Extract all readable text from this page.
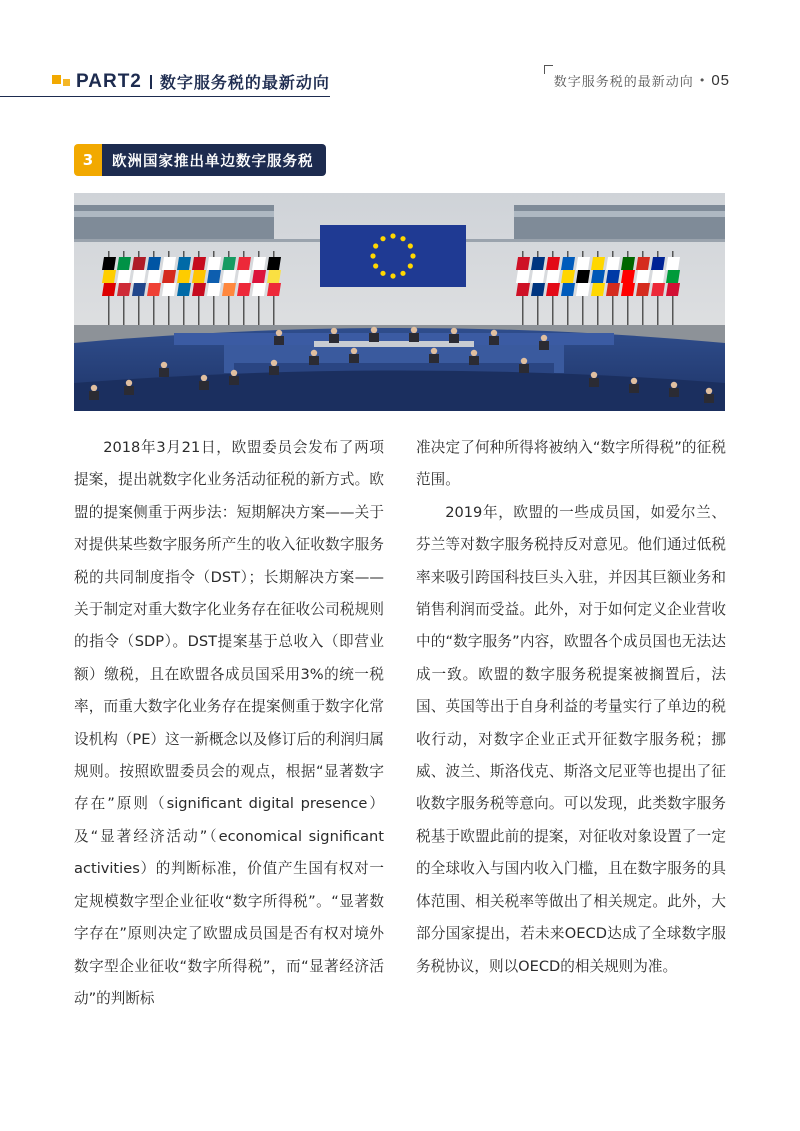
PART2 数字服务税的最新动向	数字服务税的最新动向 • 05
3	欧洲国家推出单边数字服务税

2018年3月21日，欧盟委员会发布了两项提案，提出就数字化业务活动征税的新方式。欧盟的提案侧重于两步法：短期解决方案——关于对提供某些数字服务所产生的收入征收数字服务税的共同制度指令（DST）；长期解决方案——关于制定对重大数字化业务存在征收公司税规则的指令（SDP）。DST提案基于总收入（即营业额）缴税，且在欧盟各成员国采用3%的统一税率，而重大数字化业务存在提案侧重于数字化常设机构（PE）这一新概念以及修订后的利润归属规则。按照欧盟委员会的观点，根据“显著数字存在”原则（significant digital presence）及“显著经济活动”（economical significant activities）的判断标准，价值产生国有权对一定规模数字型企业征收“数字所得税”。“显著数字存在”原则决定了欧盟成员国是否有权对境外数字型企业征收“数字所得税”，而“显著经济活动”的判断标

准决定了何种所得将被纳入“数字所得税”的征税范围。

2019年，欧盟的一些成员国，如爱尔兰、芬兰等对数字服务税持反对意见。他们通过低税率来吸引跨国科技巨头入驻，并因其巨额业务和销售利润而受益。此外，对于如何定义企业营收中的“数字服务”内容，欧盟各个成员国也无法达成一致。欧盟的数字服务税提案被搁置后，法国、英国等出于自身利益的考量实行了单边的税收行动，对数字企业正式开征数字服务税；挪威、波兰、斯洛伐克、斯洛文尼亚等也提出了征收数字服务税等意向。可以发现，此类数字服务税基于欧盟此前的提案，对征收对象设置了一定的全球收入与国内收入门槛，且在数字服务的具体范围、相关税率等做出了相关规定。此外，大部分国家提出，若未来OECD达成了全球数字服务税协议，则以OECD的相关规则为准。
